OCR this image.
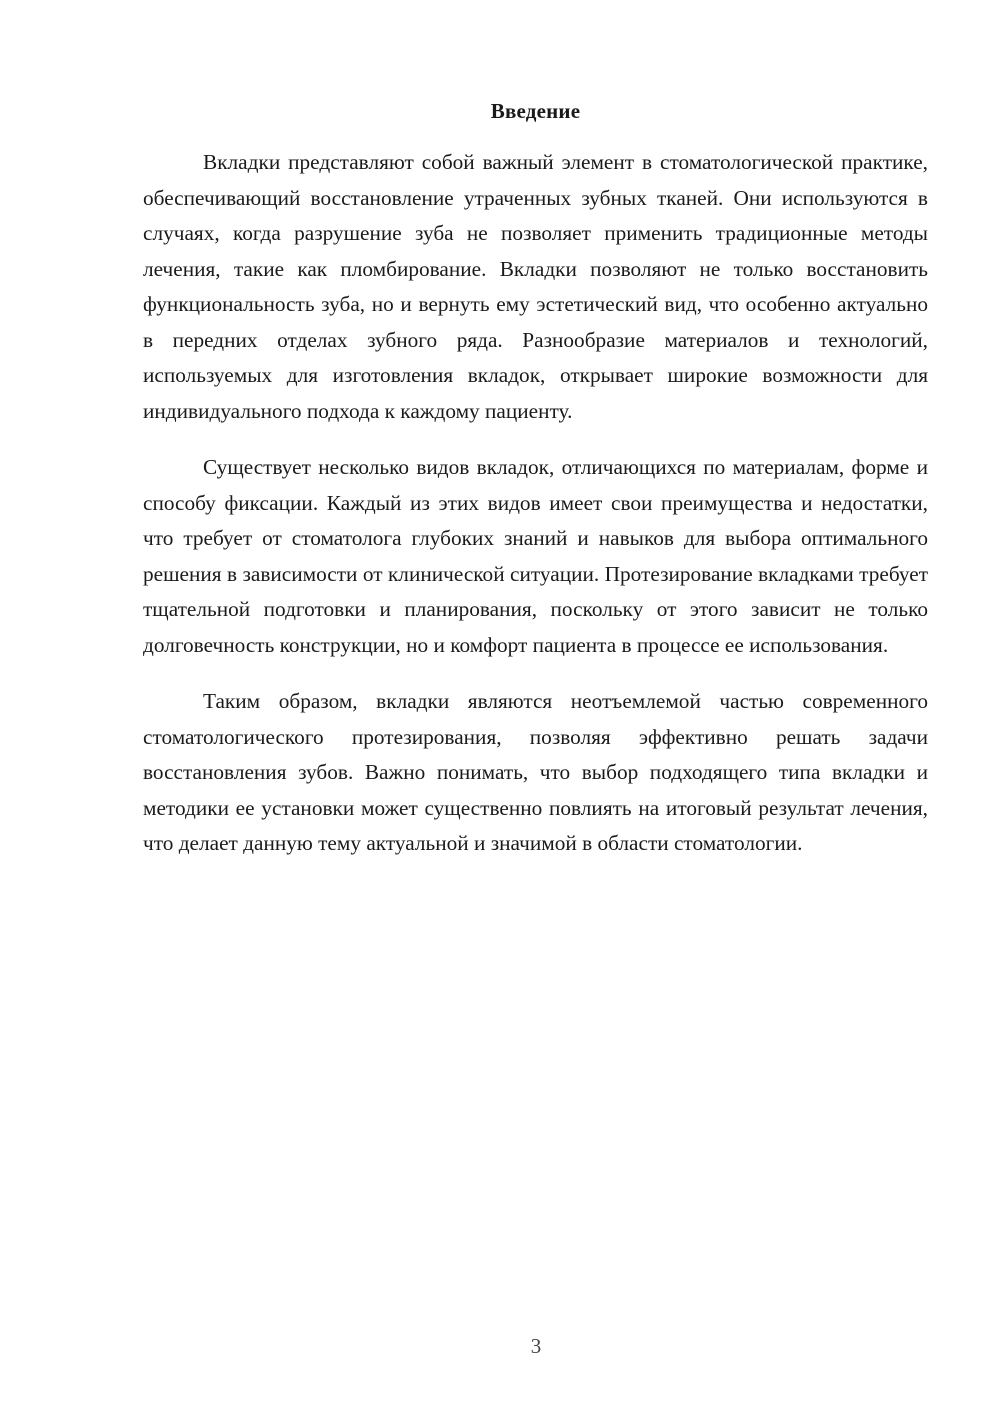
Введение

Вкладки представляют собой важный элемент в стоматологической практике, обеспечивающий восстановление утраченных зубных тканей. Они используются в случаях, когда разрушение зуба не позволяет применить традиционные методы лечения, такие как пломбирование. Вкладки позволяют не только восстановить функциональность зуба, но и вернуть ему эстетический вид, что особенно актуально в передних отделах зубного ряда. Разнообразие материалов и технологий, используемых для изготовления вкладок, открывает широкие возможности для индивидуального подхода к каждому пациенту.

Существует несколько видов вкладок, отличающихся по материалам, форме и способу фиксации. Каждый из этих видов имеет свои преимущества и недостатки, что требует от стоматолога глубоких знаний и навыков для выбора оптимального решения в зависимости от клинической ситуации. Протезирование вкладками требует тщательной подготовки и планирования, поскольку от этого зависит не только долговечность конструкции, но и комфорт пациента в процессе ее использования.

Таким образом, вкладки являются неотъемлемой частью современного стоматологического протезирования, позволяя эффективно решать задачи восстановления зубов. Важно понимать, что выбор подходящего типа вкладки и методики ее установки может существенно повлиять на итоговый результат лечения, что делает данную тему актуальной и значимой в области стоматологии.

3
